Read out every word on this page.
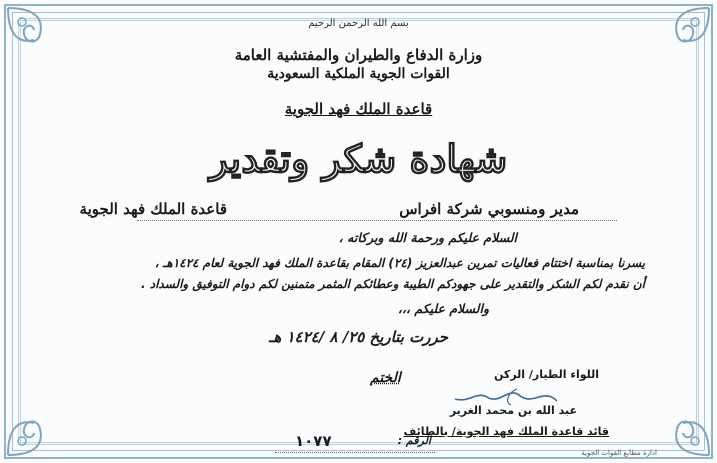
بسم الله الرحمن الرحيم
وزارة الدفاع والطيران والمفتشية العامة
القوات الجوية الملكية السعودية
قاعدة الملك فهد الجوية
شهادة شكر وتقدير
مدير ومنسوبي شركة افراس
قاعدة الملك فهد الجوية
السلام عليكم ورحمة الله وبركاته ،
يسرنا بمناسبة اختتام فعاليات تمرين عبدالعزيز (٢٤) المقام بقاعدة الملك فهد الجوية لعام ١٤٢٤هـ ،
أن نقدم لكم الشكر والتقدير على جهودكم الطيبة وعطائكم المثمر متمنين لكم دوام التوفيق والسداد .
والسلام عليكم ،،،
حررت بتاريخ ٢٥/ ٨ /١٤٢٤ هـ
اللواء الطيار/ الركن
الختم
عبد الله بن محمد الغرير
قائد قاعدة الملك فهد الجوية/ بالطائف
الرقم :
١٠٧٧
ادارة مطابع القوات الجوية
